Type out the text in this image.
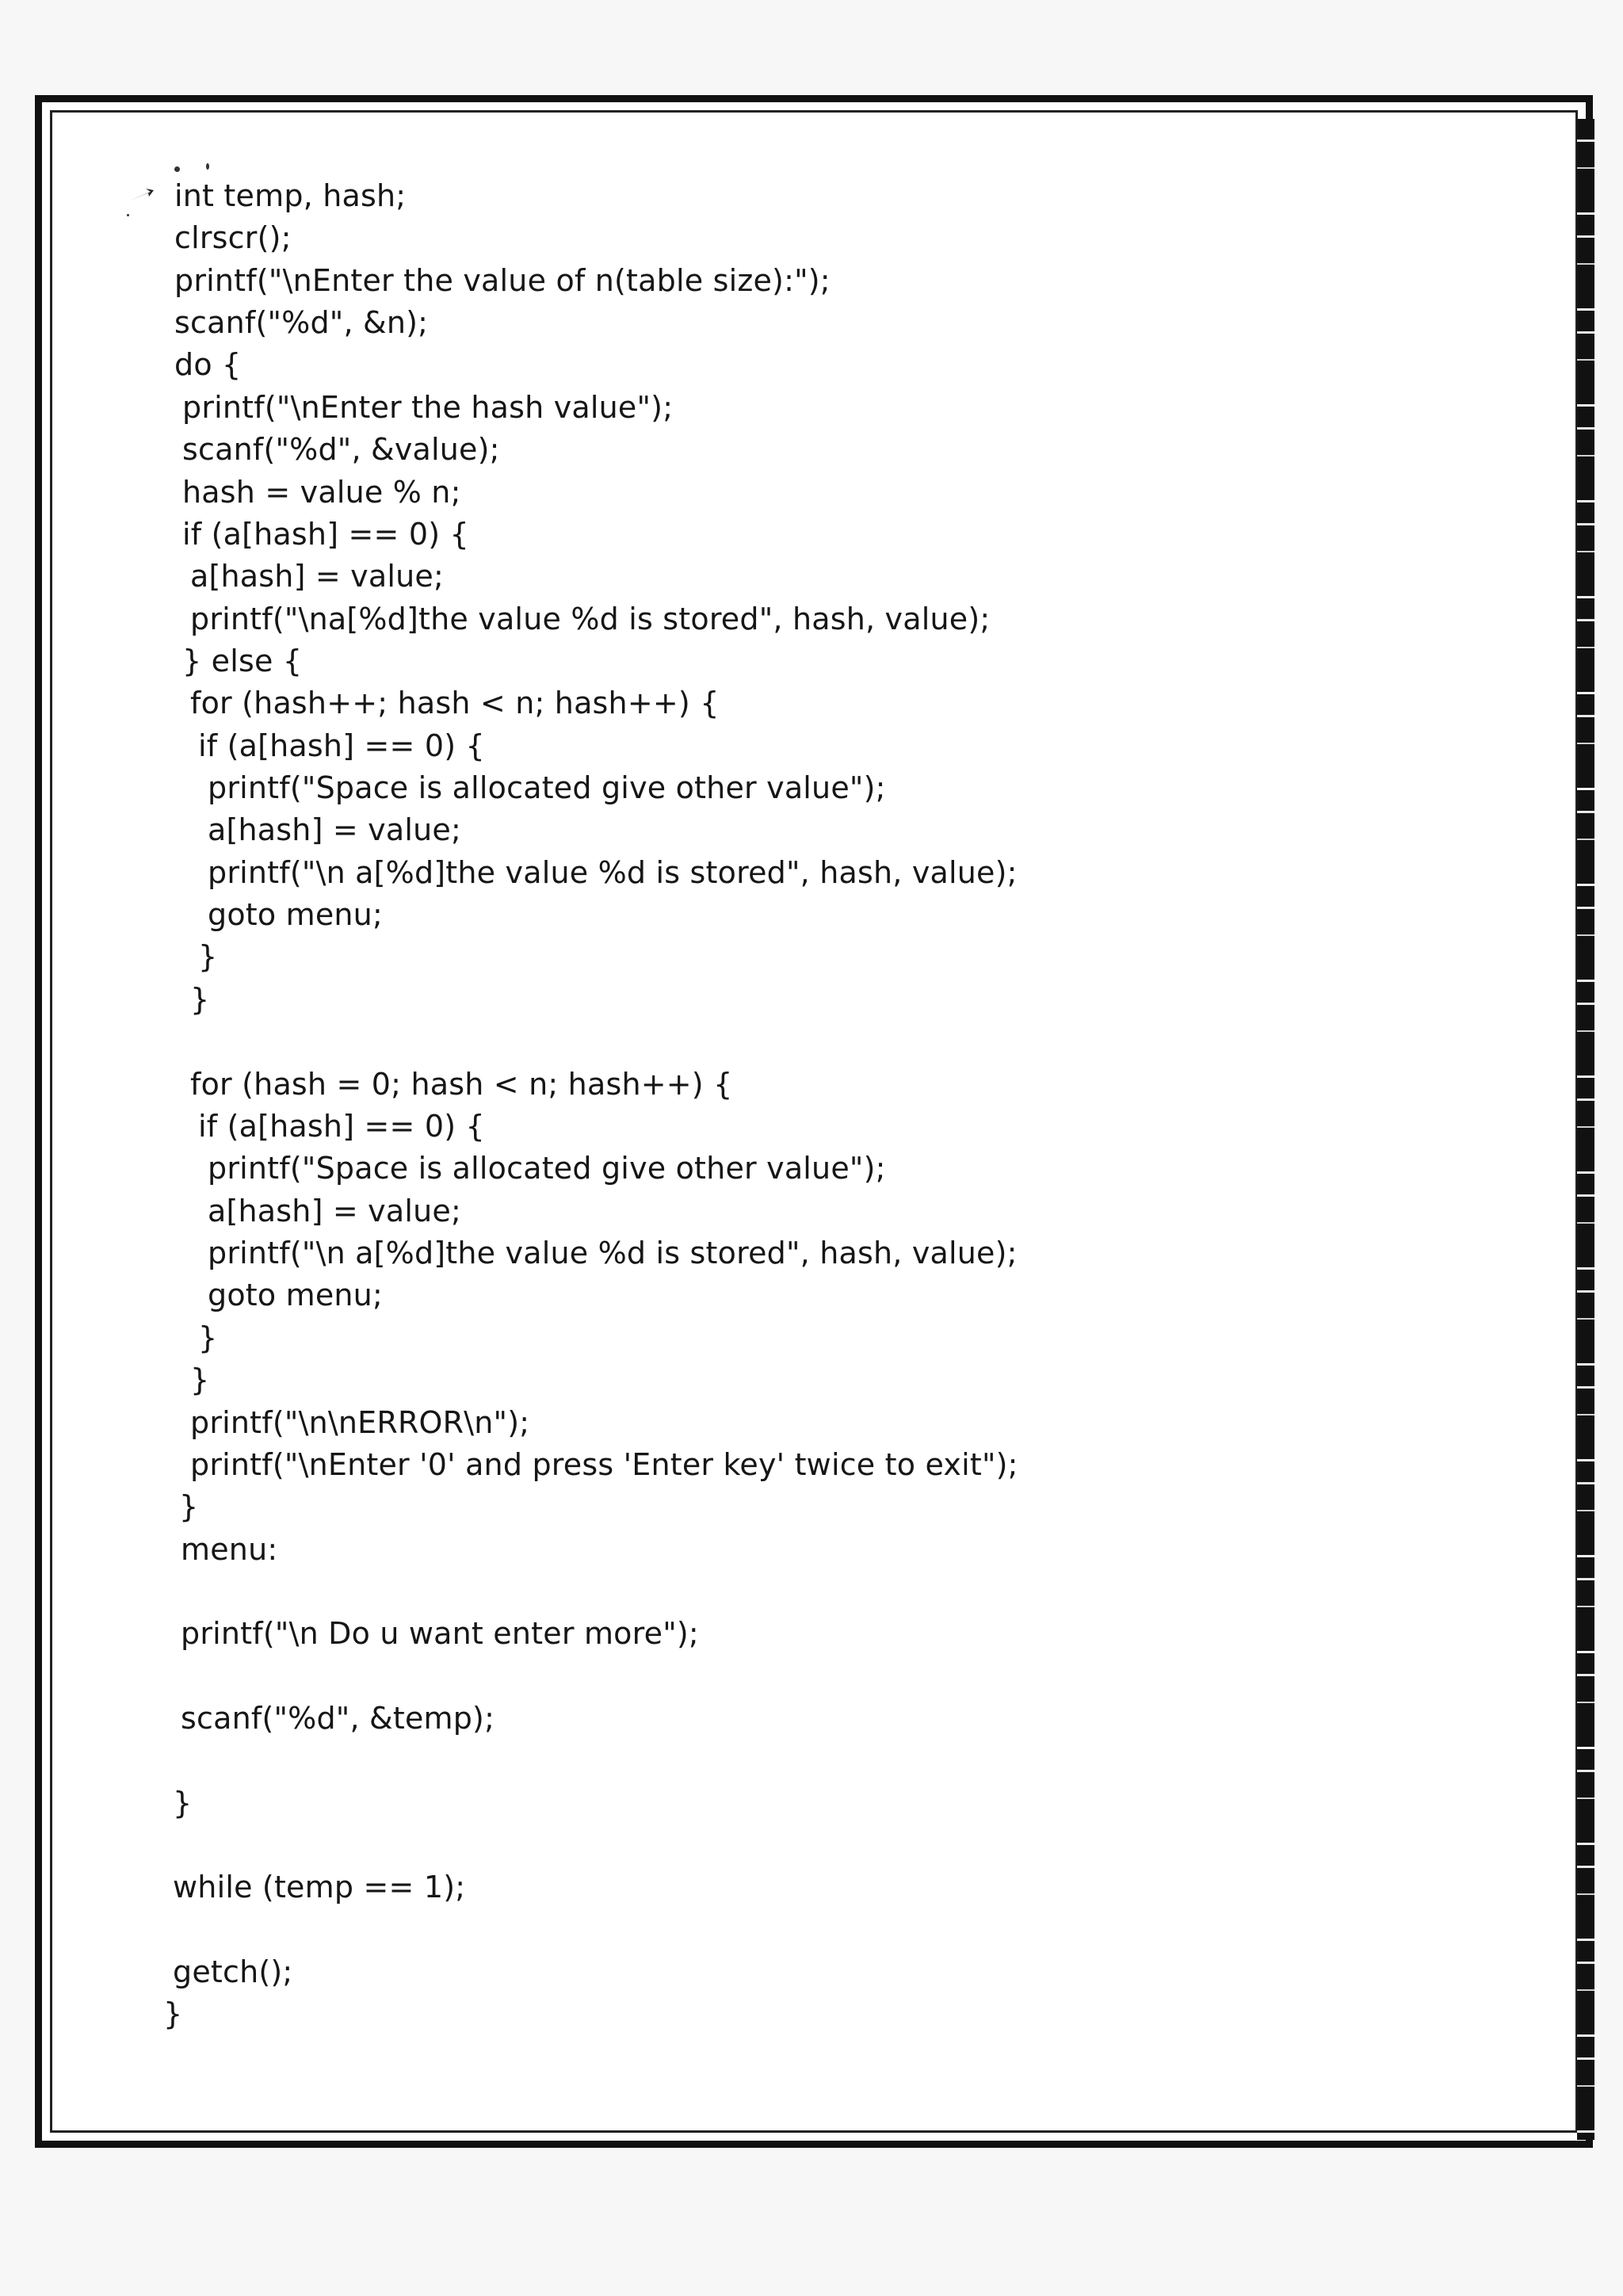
int temp, hash;
clrscr();
printf("\nEnter the value of n(table size):");
scanf("%d", &n);
do {
printf("\nEnter the hash value");
scanf("%d", &value);
hash = value % n;
if (a[hash] == 0) {
a[hash] = value;
printf("\na[%d]the value %d is stored", hash, value);
} else {
for (hash++; hash < n; hash++) {
if (a[hash] == 0) {
printf("Space is allocated give other value");
a[hash] = value;
printf("\n a[%d]the value %d is stored", hash, value);
goto menu;
}
}
for (hash = 0; hash < n; hash++) {
if (a[hash] == 0) {
printf("Space is allocated give other value");
a[hash] = value;
printf("\n a[%d]the value %d is stored", hash, value);
goto menu;
}
}
printf("\n\nERROR\n");
printf("\nEnter '0' and press 'Enter key' twice to exit");
}
menu:
printf("\n Do u want enter more");
scanf("%d", &temp);
}
while (temp == 1);
getch();
}
